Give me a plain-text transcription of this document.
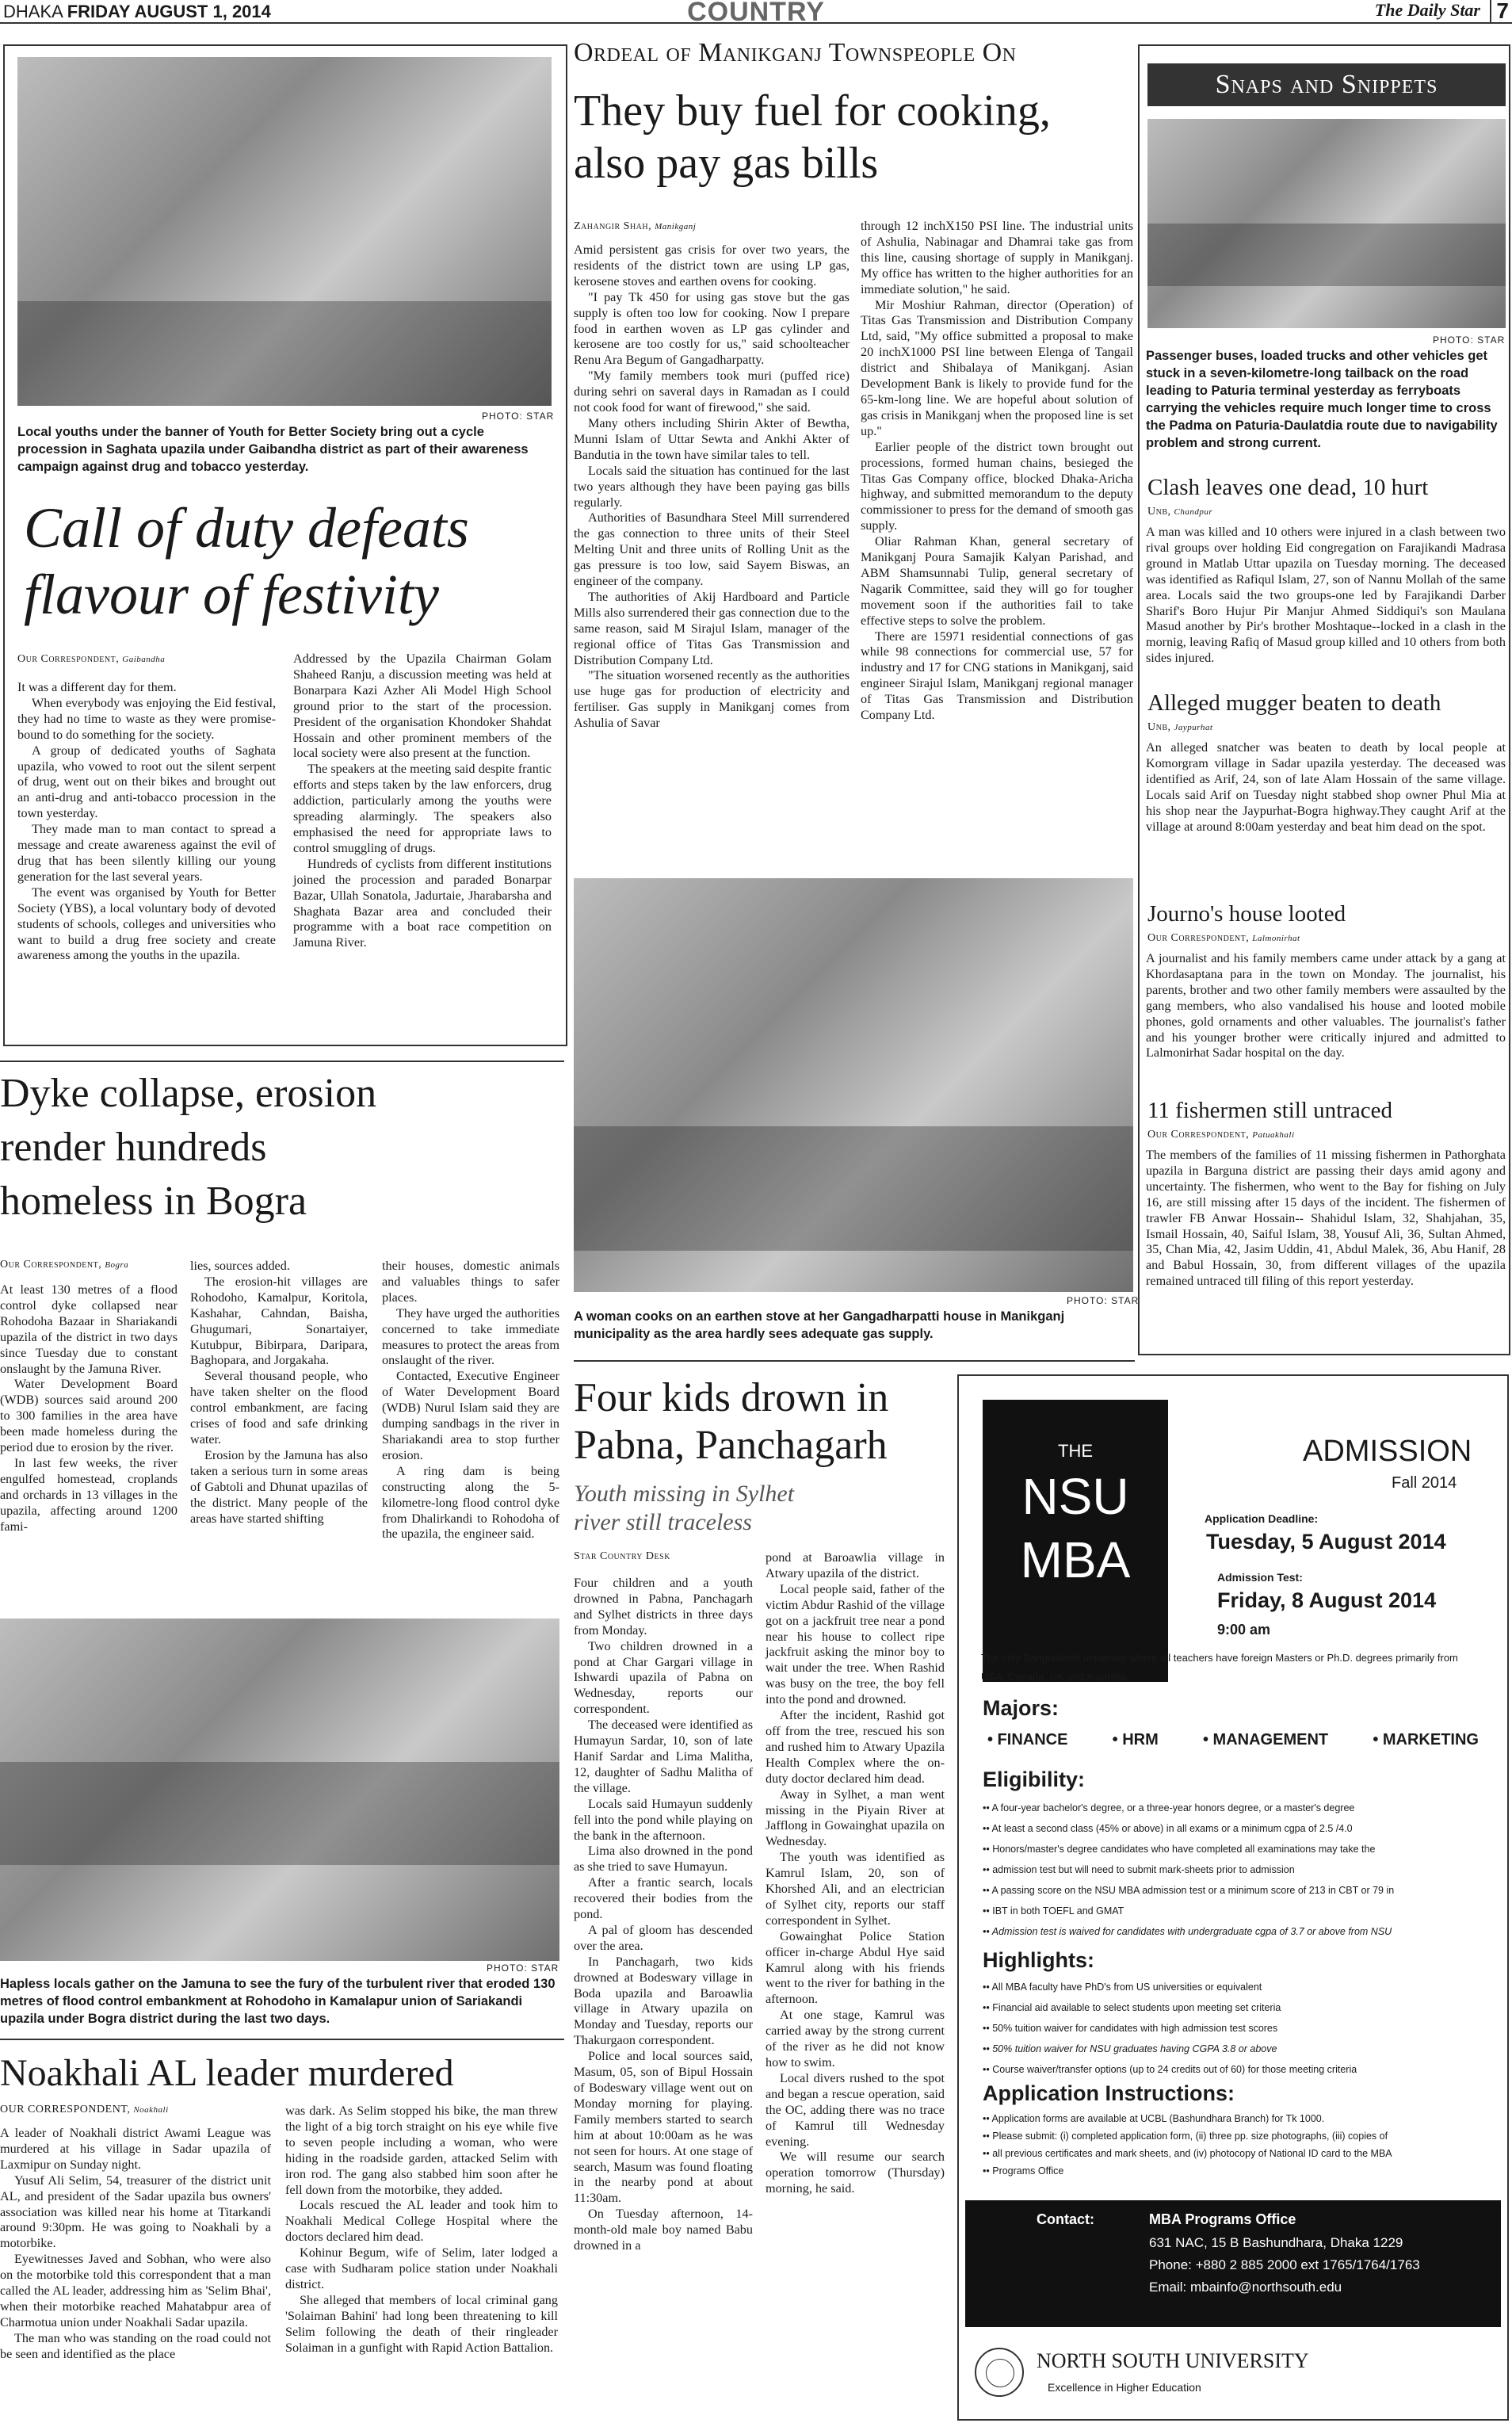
DHAKA FRIDAY AUGUST 1, 2014	COUNTRY	The Daily Star 7
PHOTO: STAR
Local youths under the banner of Youth for Better Society bring out a cycle procession in Saghata upazila under Gaibandha district as part of their awareness campaign against drug and tobacco yesterday.
Call of duty defeats
flavour of festivity
Our Correspondent, Gaibandha

It was a different day for them.

When everybody was enjoying the Eid festival, they had no time to waste as they were promise-bound to do something for the society.

A group of dedicated youths of Saghata upazila, who vowed to root out the silent serpent of drug, went out on their bikes and brought out an anti-drug and anti-tobacco procession in the town yesterday.

They made man to man contact to spread a message and create awareness against the evil of drug that has been silently killing our young generation for the last several years.

The event was organised by Youth for Better Society (YBS), a local voluntary body of devoted students of schools, colleges and universities who want to build a drug free society and create awareness among the youths in the upazila.

Addressed by the Upazila Chairman Golam Shaheed Ranju, a discussion meeting was held at Bonarpara Kazi Azher Ali Model High School ground prior to the start of the procession. President of the organisation Khondoker Shahdat Hossain and other prominent members of the local society were also present at the function.

The speakers at the meeting said despite frantic efforts and steps taken by the law enforcers, drug addiction, particularly among the youths were spreading alarmingly. The speakers also emphasised the need for appropriate laws to control smuggling of drugs.

Hundreds of cyclists from different institutions joined the procession and paraded Bonarpar Bazar, Ullah Sonatola, Jadurtaie, Jharabarsha and Shaghata Bazar area and concluded their programme with a boat race competition on Jamuna River.

Ordeal of Manikganj Townspeople On
They buy fuel for cooking,
also pay gas bills
Zahangir Shah, Manikganj

Amid persistent gas crisis for over two years, the residents of the district town are using LP gas, kerosene stoves and earthen ovens for cooking.

"I pay Tk 450 for using gas stove but the gas supply is often too low for cooking. Now I prepare food in earthen woven as LP gas cylinder and kerosene are too costly for us," said schoolteacher Renu Ara Begum of Gangadharpatty.

"My family members took muri (puffed rice) during sehri on saveral days in Ramadan as I could not cook food for want of firewood," she said.

Many others including Shirin Akter of Bewtha, Munni Islam of Uttar Sewta and Ankhi Akter of Bandutia in the town have similar tales to tell.

Locals said the situation has continued for the last two years although they have been paying gas bills regularly.

Authorities of Basundhara Steel Mill surrendered the gas connection to three units of their Steel Melting Unit and three units of Rolling Unit as the gas pressure is too low, said Sayem Biswas, an engineer of the company.

The authorities of Akij Hardboard and Particle Mills also surrendered their gas connection due to the same reason, said M Sirajul Islam, manager of the regional office of Titas Gas Transmission and Distribution Company Ltd.

"The situation worsened recently as the authorities use huge gas for production of electricity and fertiliser. Gas supply in Manikganj comes from Ashulia of Savar

through 12 inchX150 PSI line. The industrial units of Ashulia, Nabinagar and Dhamrai take gas from this line, causing shortage of supply in Manikganj. My office has written to the higher authorities for an immediate solution," he said.

Mir Moshiur Rahman, director (Operation) of Titas Gas Transmission and Distribution Company Ltd, said, "My office submitted a proposal to make 20 inchX1000 PSI line between Elenga of Tangail district and Shibalaya of Manikganj. Asian Development Bank is likely to provide fund for the 65-km-long line. We are hopeful about solution of gas crisis in Manikganj when the proposed line is set up."

Earlier people of the district town brought out processions, formed human chains, besieged the Titas Gas Company office, blocked Dhaka-Aricha highway, and submitted memorandum to the deputy commissioner to press for the demand of smooth gas supply.

Oliar Rahman Khan, general secretary of Manikganj Poura Samajik Kalyan Parishad, and ABM Shamsunnabi Tulip, general secretary of Nagarik Committee, said they will go for tougher movement soon if the authorities fail to take effective steps to solve the problem.

There are 15971 residential connections of gas while 98 connections for commercial use, 57 for industry and 17 for CNG stations in Manikganj, said engineer Sirajul Islam, Manikganj regional manager of Titas Gas Transmission and Distribution Company Ltd.

PHOTO: STAR
A woman cooks on an earthen stove at her Gangadharpatti house in Manikganj municipality as the area hardly sees adequate gas supply.
Snaps and Snippets
PHOTO: STAR
Passenger buses, loaded trucks and other vehicles get stuck in a seven-kilometre-long tailback on the road leading to Paturia terminal yesterday as ferryboats carrying the vehicles require much longer time to cross the Padma on Paturia-Daulatdia route due to navigability problem and strong current.
Dyke collapse, erosion
render hundreds
homeless in Bogra
Our Correspondent, Bogra

At least 130 metres of a flood control dyke collapsed near Rohodoha Bazaar in Shariakandi upazila of the district in two days since Tuesday due to constant onslaught by the Jamuna River.

Water Development Board (WDB) sources said around 200 to 300 families in the area have been made homeless during the period due to erosion by the river.

In last few weeks, the river engulfed homestead, croplands and orchards in 13 villages in the upazila, affecting around 1200 fami-

lies, sources added.

The erosion-hit villages are Rohodoho, Kamalpur, Koritola, Kashahar, Cahndan, Baisha, Ghugumari, Sonartaiyer, Kutubpur, Bibirpara, Daripara, Baghopara, and Jorgakaha.

Several thousand people, who have taken shelter on the flood control embankment, are facing crises of food and safe drinking water.

Erosion by the Jamuna has also taken a serious turn in some areas of Gabtoli and Dhunat upazilas of the district. Many people of the areas have started shifting

their houses, domestic animals and valuables things to safer places.

They have urged the authorities concerned to take immediate measures to protect the areas from onslaught of the river.

Contacted, Executive Engineer of Water Development Board (WDB) Nurul Islam said they are dumping sandbags in the river in Shariakandi area to stop further erosion.

A ring dam is being constructing along the 5-kilometre-long flood control dyke from Dhalirkandi to Rohodoha of the upazila, the engineer said.

PHOTO: STAR
Hapless locals gather on the Jamuna to see the fury of the turbulent river that eroded 130 metres of flood control embankment at Rohodoho in Kamalapur union of Sariakandi upazila under Bogra district during the last two days.
Noakhali AL leader murdered
OUR CORRESPONDENT, Noakhali

A leader of Noakhali district Awami League was murdered at his village in Sadar upazila of Laxmipur on Sunday night.

Yusuf Ali Selim, 54, treasurer of the district unit AL, and president of the Sadar upazila bus owners' association was killed near his home at Titarkandi around 9:30pm. He was going to Noakhali by a motorbike.

Eyewitnesses Javed and Sobhan, who were also on the motorbike told this correspondent that a man called the AL leader, addressing him as 'Selim Bhai', when their motorbike reached Mahatabpur area of Charmotua union under Noakhali Sadar upazila.

The man who was standing on the road could not be seen and identified as the place

was dark. As Selim stopped his bike, the man threw the light of a big torch straight on his eye while five to seven people including a woman, who were hiding in the roadside garden, attacked Selim with iron rod. The gang also stabbed him soon after he fell down from the motorbike, they added.

Locals rescued the AL leader and took him to Noakhali Medical College Hospital where the doctors declared him dead.

Kohinur Begum, wife of Selim, later lodged a case with Sudharam police station under Noakhali district.

She alleged that members of local criminal gang 'Solaiman Bahini' had long been threatening to kill Selim following the death of their ringleader Solaiman in a gunfight with Rapid Action Battalion.

Four kids drown in
Pabna, Panchagarh
Youth missing in Sylhet
river still traceless
Star Country Desk

Four children and a youth drowned in Pabna, Panchagarh and Sylhet districts in three days from Monday.

Two children drowned in a pond at Char Gargari village in Ishwardi upazila of Pabna on Wednesday, reports our correspondent.

The deceased were identified as Humayun Sardar, 10, son of late Hanif Sardar and Lima Malitha, 12, daughter of Sadhu Malitha of the village.

Locals said Humayun suddenly fell into the pond while playing on the bank in the afternoon.

Lima also drowned in the pond as she tried to save Humayun.

After a frantic search, locals recovered their bodies from the pond.

A pal of gloom has descended over the area.

In Panchagarh, two kids drowned at Bodeswary village in Boda upazila and Baroawlia village in Atwary upazila on Monday and Tuesday, reports our Thakurgaon correspondent.

Police and local sources said, Masum, 05, son of Bipul Hossain of Bodeswary village went out on Monday morning for playing. Family members started to search him at about 10:00am as he was not seen for hours. At one stage of search, Masum was found floating in the nearby pond at about 11:30am.

On Tuesday afternoon, 14-month-old male boy named Babu drowned in a

pond at Baroawlia village in Atwary upazila of the district.

Local people said, father of the victim Abdur Rashid of the village got on a jackfruit tree near a pond near his house to collect ripe jackfruit asking the minor boy to wait under the tree. When Rashid was busy on the tree, the boy fell into the pond and drowned.

After the incident, Rashid got off from the tree, rescued his son and rushed him to Atwary Upazila Health Complex where the on-duty doctor declared him dead.

Away in Sylhet, a man went missing in the Piyain River at Jafflong in Gowainghat upazila on Wednesday.

The youth was identified as Kamrul Islam, 20, son of Khorshed Ali, and an electrician of Sylhet city, reports our staff correspondent in Sylhet.

Gowainghat Police Station officer in-charge Abdul Hye said Kamrul along with his friends went to the river for bathing in the afternoon.

At one stage, Kamrul was carried away by the strong current of the river as he did not know how to swim.

Local divers rushed to the spot and began a rescue operation, said the OC, adding there was no trace of Kamrul till Wednesday evening.

We will resume our search operation tomorrow (Thursday) morning, he said.

THE
NSU
MBA
ADMISSION
Fall 2014
Application Deadline:
Tuesday, 5 August 2014
Admission Test:
Friday, 8 August 2014
9:00 am
The only Bangladeshi university where all teachers have foreign Masters or Ph.D. degrees primarily from USA, Canada, UK and Australia
Majors:
• FINANCE	• HRM	• MANAGEMENT	• MARKETING
Eligibility:
•• A four-year bachelor's degree, or a three-year honors degree, or a master's degree
•• At least a second class (45% or above) in all exams or a minimum cgpa of 2.5 /4.0
•• Honors/master's degree candidates who have completed all examinations may take the
•• admission test but will need to submit mark-sheets prior to admission
•• A passing score on the NSU MBA admission test or a minimum score of 213 in CBT or 79 in
•• IBT in both TOEFL and GMAT
•• Admission test is waived for candidates with undergraduate cgpa of 3.7 or above from NSU
Highlights:
•• All MBA faculty have PhD's from US universities or equivalent
•• Financial aid available to select students upon meeting set criteria
•• 50% tuition waiver for candidates with high admission test scores
•• 50% tuition waiver for NSU graduates having CGPA 3.8 or above
•• Course waiver/transfer options (up to 24 credits out of 60) for those meeting criteria
Application Instructions:
•• Application forms are available at UCBL (Bashundhara Branch) for Tk 1000.
•• Please submit: (i) completed application form, (ii) three pp. size photographs, (iii) copies of
•• all previous certificates and mark sheets, and (iv) photocopy of National ID card to the MBA
•• Programs Office
Contact:	MBA Programs Office
631 NAC, 15 B Bashundhara, Dhaka 1229
Phone: +880 2 885 2000 ext 1765/1764/1763
Email: mbainfo@northsouth.edu
NORTH SOUTH UNIVERSITY
Excellence in Higher Education
Clash leaves one dead, 10 hurt
Unb, Chandpur
A man was killed and 10 others were injured in a clash between two rival groups over holding Eid congregation on Farajikandi Madrasa ground in Matlab Uttar upazila on Tuesday morning. The deceased was identified as Rafiqul Islam, 27, son of Nannu Mollah of the same area. Locals said the two groups-one led by Farajikandi Darber Sharif's Boro Hujur Pir Manjur Ahmed Siddiqui's son Maulana Masud another by Pir's brother Moshtaque--locked in a clash in the mornig, leaving Rafiq of Masud group killed and 10 others from both sides injured.
Alleged mugger beaten to death
Unb, Jaypurhat
An alleged snatcher was beaten to death by local people at Komorgram village in Sadar upazila yesterday. The deceased was identified as Arif, 24, son of late Alam Hossain of the same village. Locals said Arif on Tuesday night stabbed shop owner Phul Mia at his shop near the Jaypurhat-Bogra highway.They caught Arif at the village at around 8:00am yesterday and beat him dead on the spot.
Journo's house looted
Our Correspondent, Lalmonirhat
A journalist and his family members came under attack by a gang at Khordasaptana para in the town on Monday. The journalist, his parents, brother and two other family members were assaulted by the gang members, who also vandalised his house and looted mobile phones, gold ornaments and other valuables. The journalist's father and his younger brother were critically injured and admitted to Lalmonirhat Sadar hospital on the day.
11 fishermen still untraced
Our Correspondent, Patuakhali
The members of the families of 11 missing fishermen in Pathorghata upazila in Barguna district are passing their days amid agony and uncertainty. The fishermen, who went to the Bay for fishing on July 16, are still missing after 15 days of the incident. The fishermen of trawler FB Anwar Hossain-- Shahidul Islam, 32, Shahjahan, 35, Ismail Hossain, 40, Saiful Islam, 38, Yousuf Ali, 36, Sultan Ahmed, 35, Chan Mia, 42, Jasim Uddin, 41, Abdul Malek, 36, Abu Hanif, 28 and Babul Hossain, 30, from different villages of the upazila remained untraced till filing of this report yesterday.
